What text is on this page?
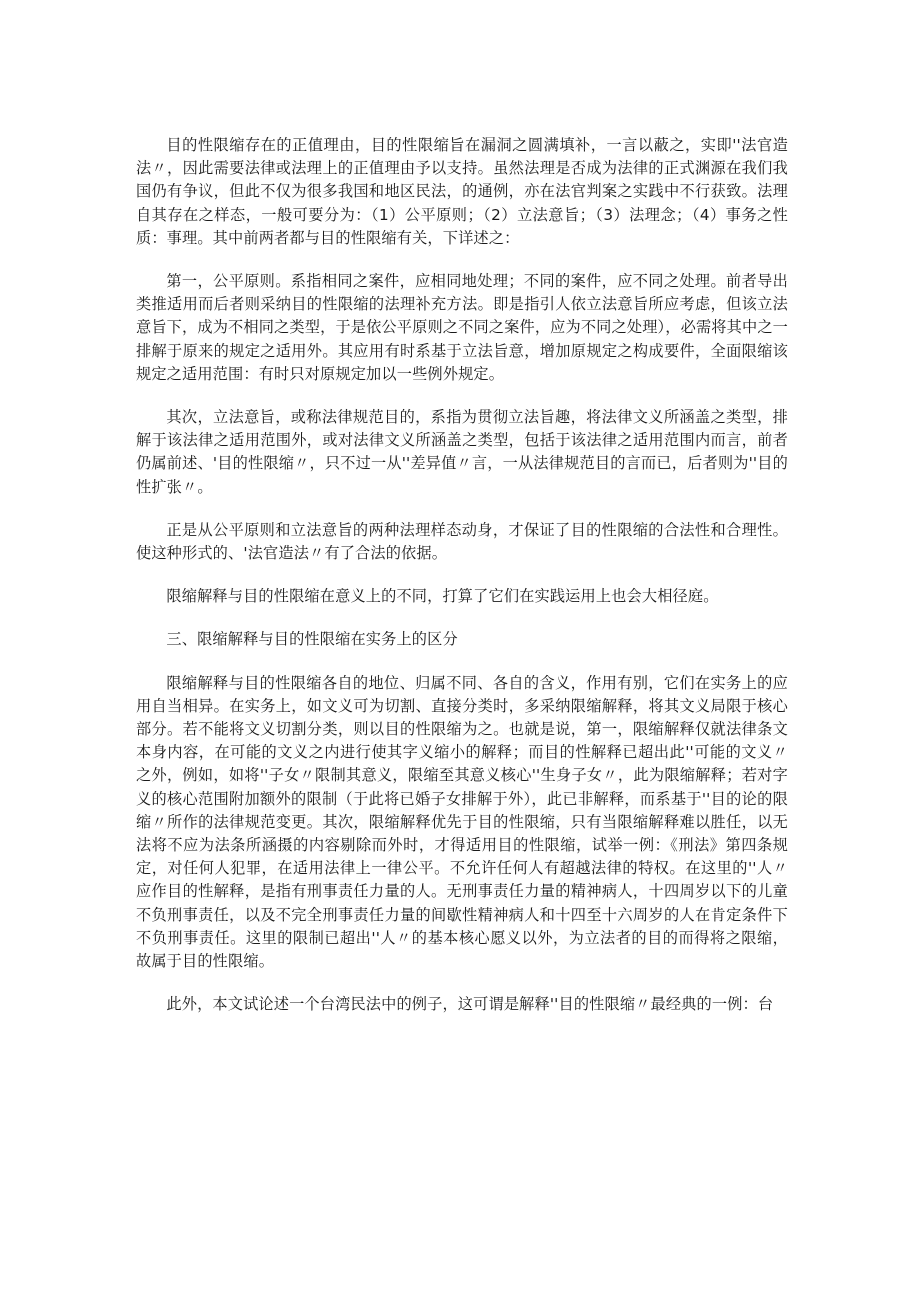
目的性限缩存在的正值理由，目的性限缩旨在漏洞之圆满填补，一言以蔽之，实即''法官造法〃，因此需要法律或法理上的正值理由予以支持。虽然法理是否成为法律的正式渊源在我们我国仍有争议，但此不仅为很多我国和地区民法，的通例，亦在法官判案之实践中不行获致。法理自其存在之样态，一般可要分为：（1）公平原则；（2）立法意旨；（3）法理念；（4）事务之性质：事理。其中前两者都与目的性限缩有关，下详述之：

第一，公平原则。系指相同之案件，应相同地处理；不同的案件，应不同之处理。前者导出类推适用而后者则采纳目的性限缩的法理补充方法。即是指引人依立法意旨所应考虑，但该立法意旨下，成为不相同之类型，于是依公平原则之不同之案件，应为不同之处理），必需将其中之一排解于原来的规定之适用外。其应用有时系基于立法旨意，增加原规定之构成要件，全面限缩该规定之适用范围：有时只对原规定加以一些例外规定。

其次，立法意旨，或称法律规范目的，系指为贯彻立法旨趣，将法律文义所涵盖之类型，排解于该法律之适用范围外，或对法律文义所涵盖之类型，包括于该法律之适用范围内而言，前者仍属前述、'目的性限缩〃，只不过一从''差异值〃言，一从法律规范目的言而已，后者则为''目的性扩张〃。

正是从公平原则和立法意旨的两种法理样态动身，才保证了目的性限缩的合法性和合理性。使这种形式的、'法官造法〃有了合法的依据。

限缩解释与目的性限缩在意义上的不同，打算了它们在实践运用上也会大相径庭。

三、限缩解释与目的性限缩在实务上的区分

限缩解释与目的性限缩各自的地位、归属不同、各自的含义，作用有别，它们在实务上的应用自当相异。在实务上，如文义可为切割、直接分类时，多采纳限缩解释，将其文义局限于核心部分。若不能将文义切割分类，则以目的性限缩为之。也就是说，第一，限缩解释仅就法律条文本身内容，在可能的文义之内进行使其字义缩小的解释；而目的性解释已超出此''可能的文义〃之外，例如，如将''子女〃限制其意义，限缩至其意义核心''生身子女〃，此为限缩解释；若对字义的核心范围附加额外的限制（于此将已婚子女排解于外），此已非解释，而系基于''目的论的限缩〃所作的法律规范变更。其次，限缩解释优先于目的性限缩，只有当限缩解释难以胜任，以无法将不应为法条所涵摄的内容剔除而外时，才得适用目的性限缩，试举一例：《刑法》第四条规定，对任何人犯罪，在适用法律上一律公平。不允许任何人有超越法律的特权。在这里的''人〃应作目的性解释，是指有刑事责任力量的人。无刑事责任力量的精神病人，十四周岁以下的儿童不负刑事责任，以及不完全刑事责任力量的间歇性精神病人和十四至十六周岁的人在肯定条件下不负刑事责任。这里的限制已超出''人〃的基本核心愿义以外，为立法者的目的而得将之限缩，故属于目的性限缩。

此外，本文试论述一个台湾民法中的例子，这可谓是解释''目的性限缩〃最经典的一例：台
